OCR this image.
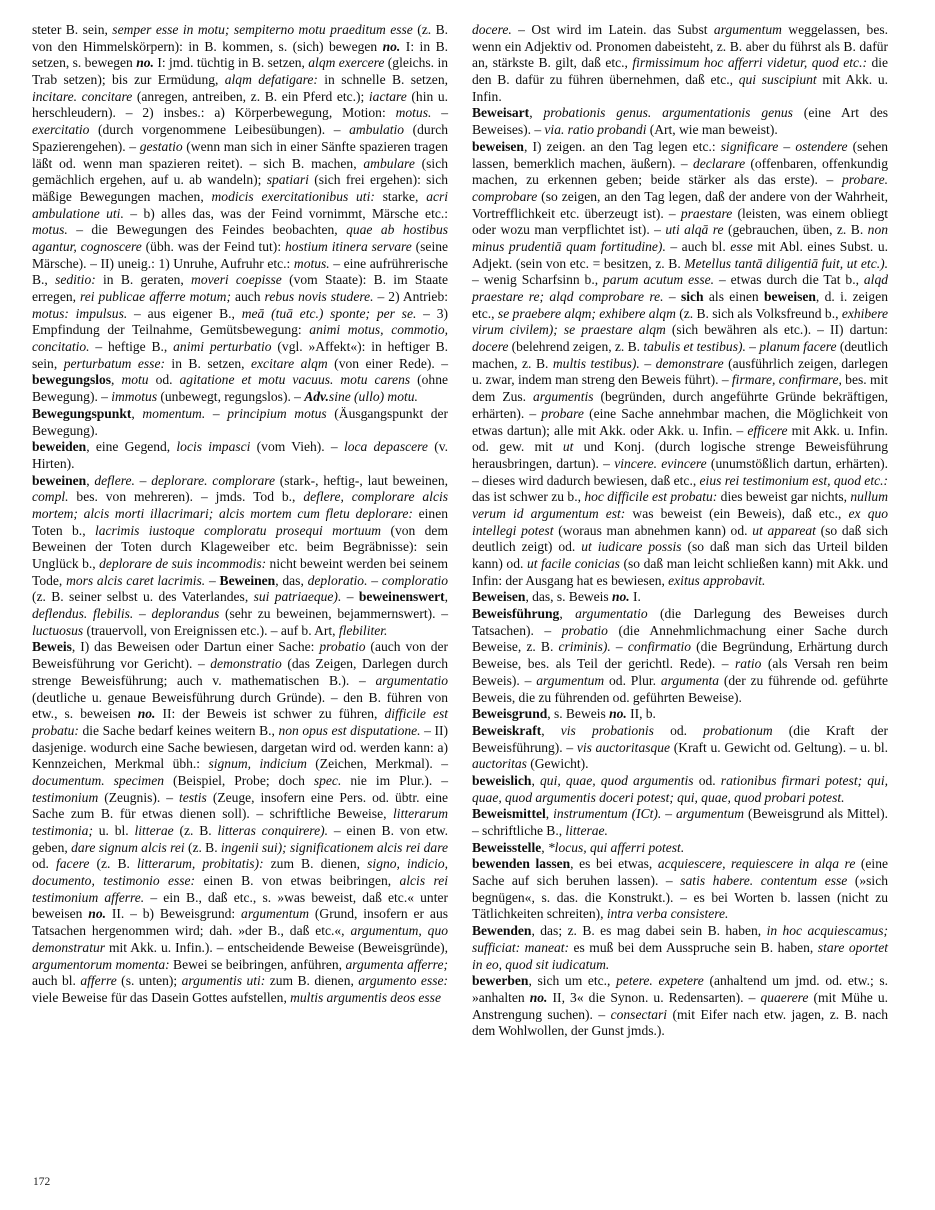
steter B. sein, semper esse in motu; sempiterno motu praeditum esse (z. B. von den Himmelskörpern): in B. kommen, s. (sich) bewegen no. I: in B. setzen, s. bewegen no. I: jmd. tüchtig in B. setzen, alqm exercere (gleichs. in Trab setzen); bis zur Ermüdung, alqm defatigare: in schnelle B. setzen, incitare. concitare (anregen, antreiben, z. B. ein Pferd etc.); iactare (hin u. herschleudern). – 2) insbes.: a) Körperbewegung, Motion: motus. – exercitatio (durch vorgenommene Leibesübungen). – ambulatio (durch Spazierengehen). – gestatio (wenn man sich in einer Sänfte spazieren tragen läßt od. wenn man spazieren reitet). – sich B. machen, ambulare (sich gemächlich ergehen, auf u. ab wandeln); spatiari (sich frei ergehen): sich mäßige Bewegungen machen, modicis exercitationibus uti: starke, acri ambulatione uti. – b) alles das, was der Feind vornimmt, Märsche etc.: motus. – die Bewegungen des Feindes beobachten, quae ab hostibus agantur, cognoscere (übh. was der Feind tut): hostium itinera servare (seine Märsche). – II) uneig.: 1) Unruhe, Aufruhr etc.: motus. – eine aufrührerische B., seditio: in B. geraten, moveri coepisse (vom Staate): B. im Staate erregen, rei publicae afferre motum; auch rebus novis studere. – 2) Antrieb: motus: impulsus. – aus eigener B., meā (tuā etc.) sponte; per se. – 3) Empfindung der Teilnahme, Gemütsbewegung: animi motus, commotio, concitatio. – heftige B., animi perturbatio (vgl. »Affekt«): in heftiger B. sein, perturbatum esse: in B. setzen, excitare alqm (von einer Rede). – bewegungslos, motu od. agitatione et motu vacuus. motu carens (ohne Bewegung). – immotus (unbewegt, regungslos). – Adv.sine (ullo) motu.

Bewegungspunkt, momentum. – principium motus (Äusgangspunkt der Bewegung).

beweiden, eine Gegend, locis impasci (vom Vieh). – loca depascere (v. Hirten).

beweinen, deflere. – deplorare. complorare (stark-, heftig-, laut beweinen, compl. bes. von mehreren). – jmds. Tod b., deflere, complorare alcis mortem; alcis morti illacrimari; alcis mortem cum fletu deplorare: einen Toten b., lacrimis iustoque comploratu prosequi mortuum (von dem Beweinen der Toten durch Klageweiber etc. beim Begräbnisse): sein Unglück b., deplorare de suis incommodis: nicht beweint werden bei seinem Tode, mors alcis caret lacrimis. – Beweinen, das, deploratio. – comploratio (z. B. seiner selbst u. des Vaterlandes, sui patriaeque). – beweinenswert, deflendus. flebilis. – deplorandus (sehr zu beweinen, bejammernswert). – luctuosus (trauervoll, von Ereignissen etc.). – auf b. Art, flebiliter.

Beweis, I) das Beweisen oder Dartun einer Sache: probatio (auch von der Beweisführung vor Gericht). – demonstratio (das Zeigen, Darlegen durch strenge Beweisführung; auch v. mathematischen B.). – argumentatio (deutliche u. genaue Beweisführung durch Gründe). – den B. führen von etw., s. beweisen no. II: der Beweis ist schwer zu führen, difficile est probatu: die Sache bedarf keines weitern B., non opus est disputatione. – II) dasjenige. wodurch eine Sache bewiesen, dargetan wird od. werden kann: a) Kennzeichen, Merkmal übh.: signum, indicium (Zeichen, Merkmal). – documentum. specimen (Beispiel, Probe; doch spec. nie im Plur.). – testimonium (Zeugnis). – testis (Zeuge, insofern eine Pers. od. übtr. eine Sache zum B. für etwas dienen soll). – schriftliche Beweise, litterarum testimonia; u. bl. litterae (z. B. litteras conquirere). – einen B. von etw. geben, dare signum alcis rei (z. B. ingenii sui); significationem alcis rei dare od. facere (z. B. litterarum, probitatis): zum B. dienen, signo, indicio, documento, testimonio esse: einen B. von etwas beibringen, alcis rei testimonium afferre. – ein B., daß etc., s. »was beweist, daß etc.« unter beweisen no. II. – b) Beweisgrund: argumentum (Grund, insofern er aus Tatsachen hergenommen wird; dah. »der B., daß etc.«, argumentum, quo demonstratur mit Akk. u. Infin.). – entscheidende Beweise (Beweisgründe), argumentorum momenta: Bewei se beibringen, anführen, argumenta afferre; auch bl. afferre (s. unten); argumentis uti: zum B. dienen, argumento esse: viele Beweise für das Dasein Gottes aufstellen, multis argumentis deos esse

docere. – Ost wird im Latein. das Subst argumentum weggelassen, bes. wenn ein Adjektiv od. Pronomen dabeisteht, z. B. aber du führst als B. dafür an, stärkste B. gilt, daß etc., firmissimum hoc afferri videtur, quod etc.: die den B. dafür zu führen übernehmen, daß etc., qui suscipiunt mit Akk. u. Infin.

Beweisart, probationis genus. argumentationis genus (eine Art des Beweises). – via. ratio probandi (Art, wie man beweist).

beweisen, I) zeigen. an den Tag legen etc.: significare – ostendere (sehen lassen, bemerklich machen, äußern). – declarare (offenbaren, offenkundig machen, zu erkennen geben; beide stärker als das erste). – probare. comprobare (so zeigen, an den Tag legen, daß der andere von der Wahrheit, Vortrefflichkeit etc. überzeugt ist). – praestare (leisten, was einem obliegt oder wozu man verpflichtet ist). – uti alqā re (gebrauchen, üben, z. B. non minus prudentiā quam fortitudine). – auch bl. esse mit Abl. eines Subst. u. Adjekt. (sein von etc. = besitzen, z. B. Metellus tantā diligentiā fuit, ut etc.). – wenig Scharfsinn b., parum acutum esse. – etwas durch die Tat b., alqd praestare re; alqd comprobare re. – sich als einen beweisen, d. i. zeigen etc., se praebere alqm; exhibere alqm (z. B. sich als Volksfreund b., exhibere virum civilem); se praestare alqm (sich bewähren als etc.). – II) dartun: docere (belehrend zeigen, z. B. tabulis et testibus). – planum facere (deutlich machen, z. B. multis testibus). – demonstrare (ausführlich zeigen, darlegen u. zwar, indem man streng den Beweis führt). – firmare, confirmare, bes. mit dem Zus. argumentis (begründen, durch angeführte Gründe bekräftigen, erhärten). – probare (eine Sache annehmbar machen, die Möglichkeit von etwas dartun); alle mit Akk. oder Akk. u. Infin. – efficere mit Akk. u. Infin. od. gew. mit ut und Konj. (durch logische strenge Beweisführung herausbringen, dartun). – vincere. evincere (unumstößlich dartun, erhärten). – dieses wird dadurch bewiesen, daß etc., eius rei testimonium est, quod etc.: das ist schwer zu b., hoc difficile est probatu: dies beweist gar nichts, nullum verum id argumentum est: was beweist (ein Beweis), daß etc., ex quo intellegi potest (woraus man abnehmen kann) od. ut appareat (so daß sich deutlich zeigt) od. ut iudicare possis (so daß man sich das Urteil bilden kann) od. ut facile conicias (so daß man leicht schließen kann) mit Akk. und Infin: der Ausgang hat es bewiesen, exitus approbavit.

Beweisen, das, s. Beweis no. I.

Beweisführung, argumentatio (die Darlegung des Beweises durch Tatsachen). – probatio (die Annehmlichmachung einer Sache durch Beweise, z. B. criminis). – confirmatio (die Begründung, Erhärtung durch Beweise, bes. als Teil der gerichtl. Rede). – ratio (als Versah ren beim Beweis). – argumentum od. Plur. argumenta (der zu führende od. geführte Beweis, die zu führenden od. geführten Beweise).

Beweisgrund, s. Beweis no. II, b.

Beweiskraft, vis probationis od. probationum (die Kraft der Beweisführung). – vis auctoritasque (Kraft u. Gewicht od. Geltung). – u. bl. auctoritas (Gewicht).

beweislich, qui, quae, quod argumentis od. rationibus firmari potest; qui, quae, quod argumentis doceri potest; qui, quae, quod probari potest.

Beweismittel, instrumentum (ICt). – argumentum (Beweisgrund als Mittel). – schriftliche B., litterae.

Beweisstelle, *locus, qui afferri potest.

bewenden lassen, es bei etwas, acquiescere, requiescere in alqa re (eine Sache auf sich beruhen lassen). – satis habere. contentum esse (»sich begnügen«, s. das. die Konstrukt.). – es bei Worten b. lassen (nicht zu Tätlichkeiten schreiten), intra verba consistere.

Bewenden, das; z. B. es mag dabei sein B. haben, in hoc acquiescamus; sufficiat: maneat: es muß bei dem Ausspruche sein B. haben, stare oportet in eo, quod sit iudicatum.

bewerben, sich um etc., petere. expetere (anhaltend um jmd. od. etw.; s. »anhalten no. II, 3« die Synon. u. Redensarten). – quaerere (mit Mühe u. Anstrengung suchen). – consectari (mit Eifer nach etw. jagen, z. B. nach dem Wohlwollen, der Gunst jmds.).

172
